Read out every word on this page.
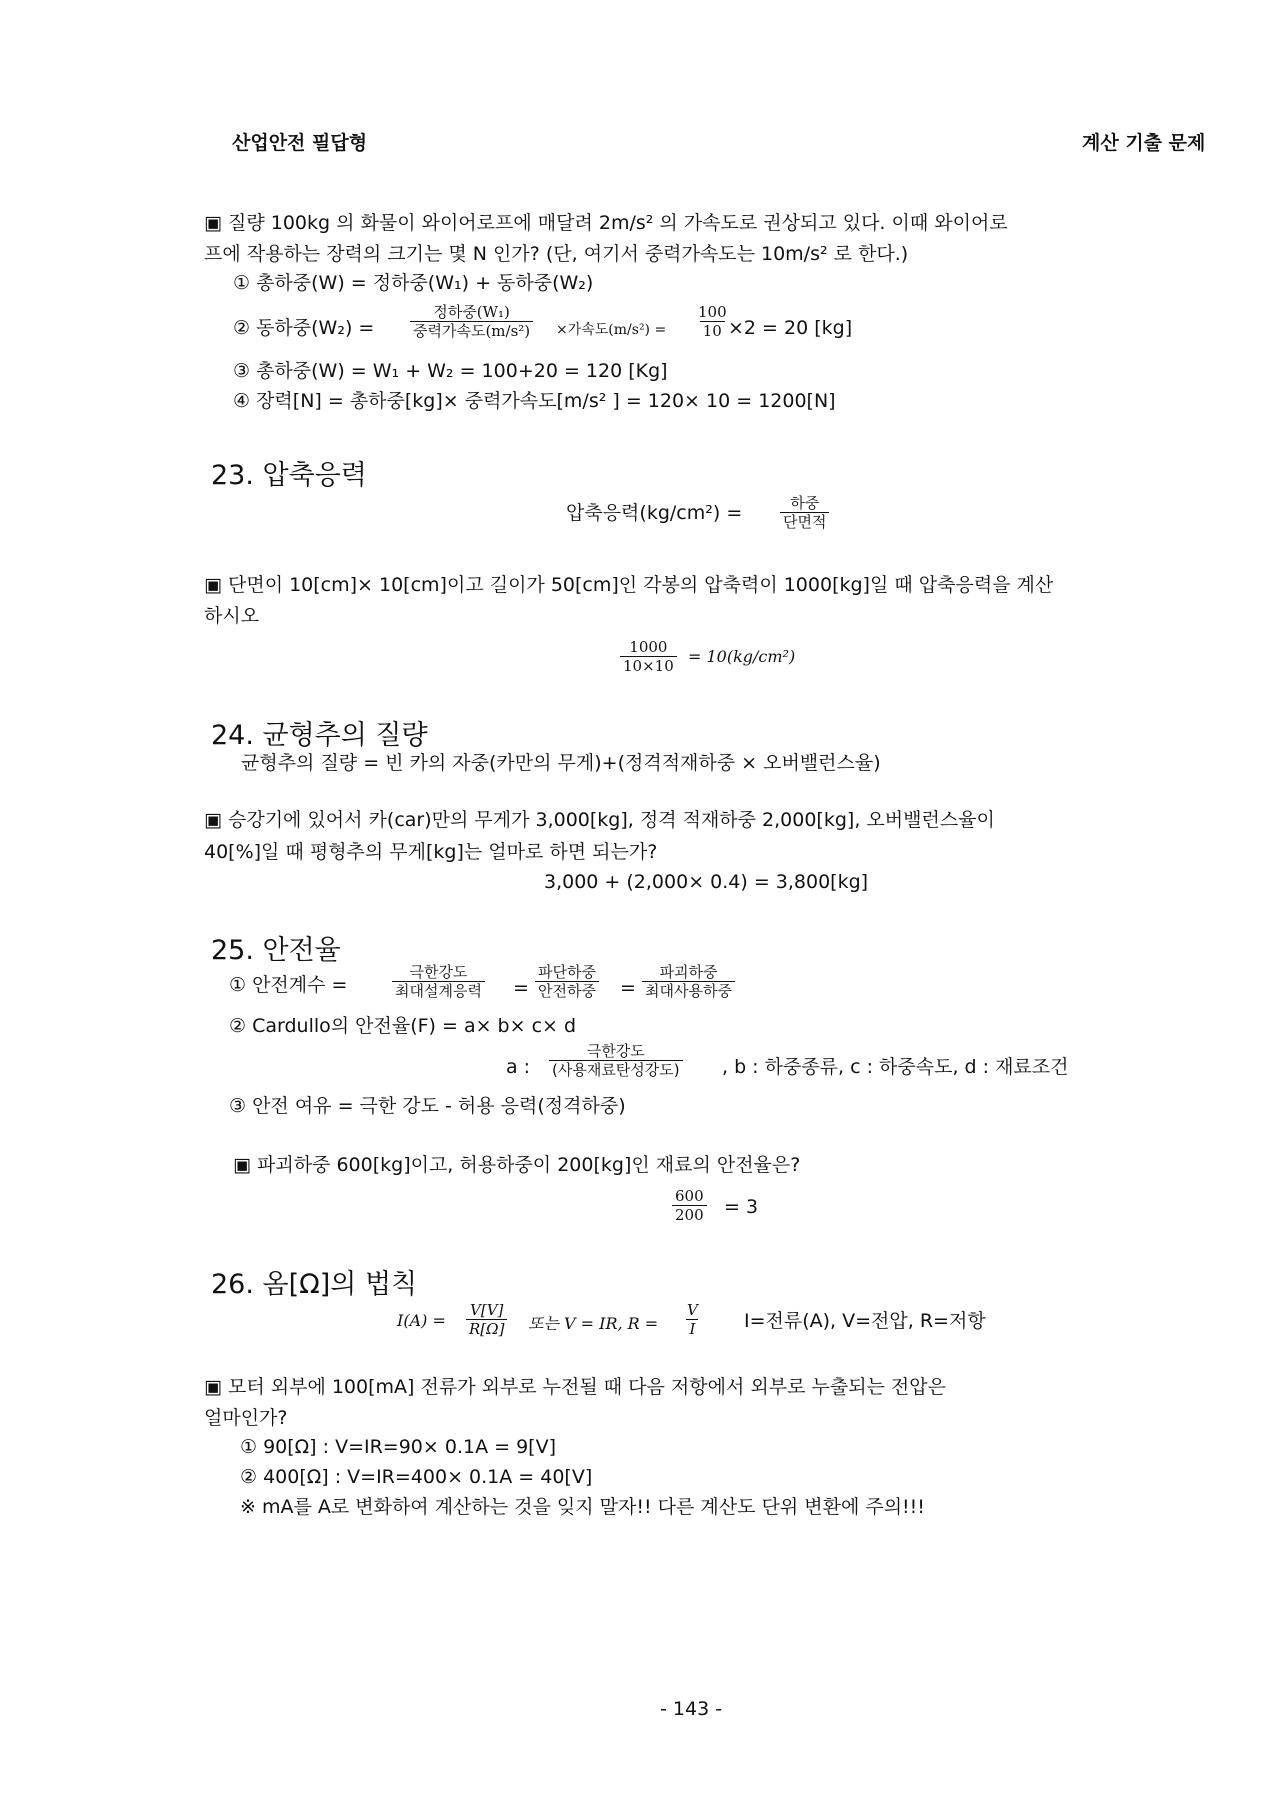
산업안전 필답형	계산 기출 문제
▣ 질량 100kg 의 화물이 와이어로프에 매달려 2m/s² 의 가속도로 권상되고 있다. 이때 와이어로
프에 작용하는 장력의 크기는 몇 N 인가? (단, 여기서 중력가속도는 10m/s² 로 한다.)
① 총하중(W) = 정하중(W₁) + 동하중(W₂)
② 동하중(W₂) =
정하중(W₁)
중력가속도(m/s²) ×가속도$(m/s^2) = \frac{100}{10}$
×2 = 20 [kg]
③ 총하중(W) = W₁ + W₂ = 100+20 = 120 [Kg]
④ 장력[N] = 총하중[kg]× 중력가속도[m/s² ] = 120× 10 = 1200[N]
23. 압축응력
압축응력(kg/cm²) =	하중
단면적
▣ 단면이 10[cm]× 10[cm]이고 길이가 50[cm]인 각봉의 압축력이 1000[kg]일 때 압축응력을 계산
하시오
$\frac{1000}{10\times 10} = 10(kg/cm^2)$
24. 균형추의 질량
균형추의 질량 = 빈 카의 자중(카만의 무게)+(정격적재하중 × 오버밸런스율)
▣ 승강기에 있어서 카(car)만의 무게가 3,000[kg], 정격 적재하중 2,000[kg], 오버밸런스율이
40[%]일 때 평형추의 무게[kg]는 얼마로 하면 되는가?
3,000 + (2,000× 0.4) = 3,800[kg]
25. 안전율
① 안전계수 =
극한강도
최대설계응력 =
파단하중
안전하중 =
파괴하중
최대사용하중
② Cardullo의 안전율(F) = a× b× c× d
a :
극한강도
(사용재료탄성강도) , b : 하중종류, c : 하중속도, d : 재료조건
③ 안전 여유 = 극한 강도 - 허용 응력(정격하중)
▣ 파괴하중 600[kg]이고, 허용하중이 200[kg]인 재료의 안전율은?
$\frac{600}{200} = 3$
26. 옴[Ω]의 법칙
$I(A) = \frac{V[V]}{R[\Omega]}$ 또는 V = IR, $R = \frac{V}{I} I=$전류(A), V=전압, R=저항
▣ 모터 외부에 100[mA] 전류가 외부로 누전될 때 다음 저항에서 외부로 누출되는 전압은
얼마인가?
① 90[Ω] : V=IR=90× 0.1A = 9[V]
② 400[Ω] : V=IR=400× 0.1A = 40[V]
※ mA를 A로 변화하여 계산하는 것을 잊지 말자!! 다른 계산도 단위 변환에 주의!!!
- 143 -
